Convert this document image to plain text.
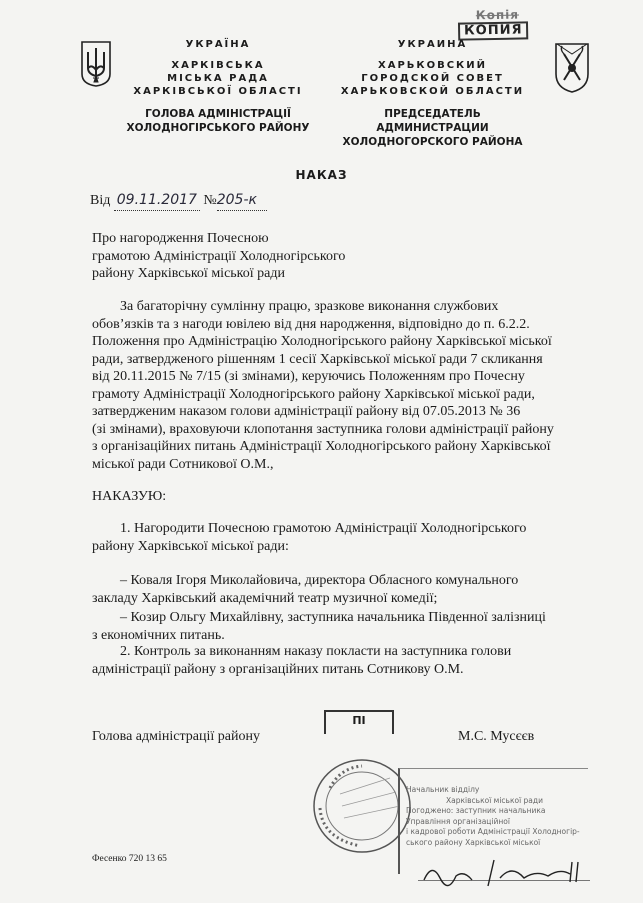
Копія
КОПИЯ
УКРАЇНА
ХАРКІВСЬКА
МІСЬКА РАДА
ХАРКІВСЬКОЇ ОБЛАСТІ
ГОЛОВА АДМІНІСТРАЦІЇ
ХОЛОДНОГІРСЬКОГО РАЙОНУ
УКРАИНА
ХАРЬКОВСКИЙ
ГОРОДСКОЙ СОВЕТ
ХАРЬКОВСКОЙ ОБЛАСТИ
ПРЕДСЕДАТЕЛЬ АДМИНИСТРАЦИИ
ХОЛОДНОГОРСКОГО РАЙОНА
НАКАЗ
Від 09.11.2017 №205-к
Про нагородження Почесною
грамотою Адміністрації Холодногірського
району Харківської міської ради
За багаторічну сумлінну працю, зразкове виконання службових
обов’язків та з нагоди ювілею від дня народження, відповідно до п. 6.2.2.
Положення про Адміністрацію Холодногірського району Харківської міської
ради, затвердженого рішенням 1 сесії Харківської міської ради 7 скликання
від 20.11.2015 № 7/15 (зі змінами), керуючись Положенням про Почесну
грамоту Адміністрації Холодногірського району Харківської міської ради,
затвердженим наказом голови адміністрації району від 07.05.2013 № 36
(зі змінами), враховуючи клопотання заступника голови адміністрації району
з організаційних питань Адміністрації Холодногірського району Харківської
міської ради Сотникової О.М.,
НАКАЗУЮ:
1. Нагородити Почесною грамотою Адміністрації Холодногірського
району Харківської міської ради:
– Коваля Ігоря Миколайовича, директора Обласного комунального
закладу Харківський академічний театр музичної комедії;
– Козир Ольгу Михайлівну, заступника начальника Південної залізниці
з економічних питань.
2. Контроль за виконанням наказу покласти на заступника голови
адміністрації району з організаційних питань Сотникову О.М.
Голова адміністрації району	М.С. Мусєєв
ПІ
Начальник відділу
Харківської міської ради
Погоджено: заступник начальника
Управління організаційної
і кадрової роботи Адміністрації Холодногір-
ського району Харківської міської
Фесенко 720 13 65
